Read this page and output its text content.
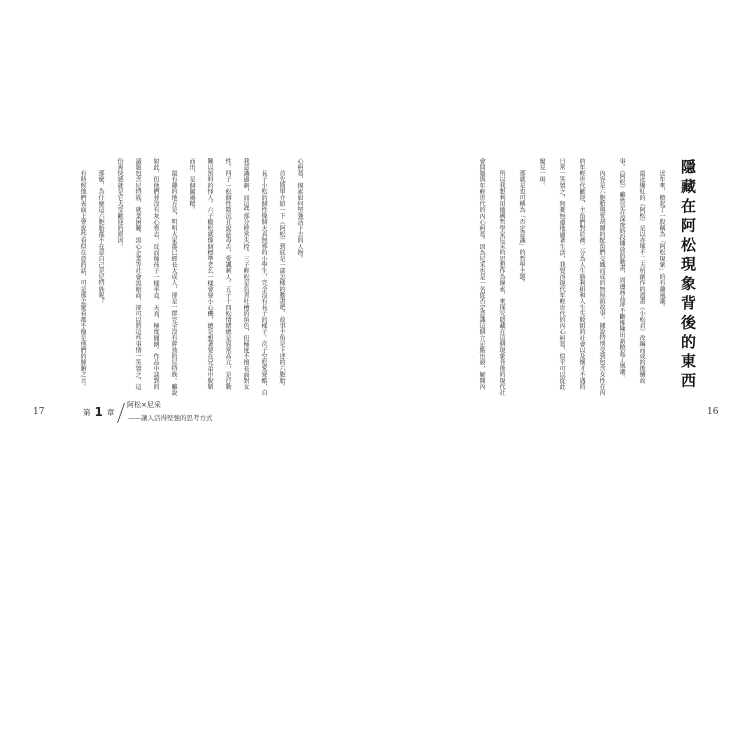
心糾葛，摸索如何堅強活下去的人物。
首先簡單介紹一下《阿松》到底是一部怎樣的動畫吧。故事主角是下述的六胞胎。
長子小松的個性像個天真無邪的小學生，完全沒有長子的樣子。次子空松愛耍酷，自
我意識過剩，而這些部分經常失控。三子輕松是負責吐槽的角色，但極度不擅長面對女
性。四子一松個性陰沉且說話毒舌，愛諷刺人。五子十四松情緒總是異常高亢，是行動
難以預料的怪人。六子椴松就像個標準老么一樣會耍小心機，總是想著要在兄弟中脫穎
而出，是個闖禍精。
最有趣的地方是，明明大家都已經長大成人，卻是一群完全沒有幹勁的尼特族。雖說
如此，但他們並沒有灰心喪志，反而像孩子一樣率直、天真、極度開朗。作品中談到的
議題包含尼特族、就業困難、黑心企業等社會黑暗面，卻可以將這些事情一笑置之，這
份爽快感就是它大受歡迎的原因。
那麼，為什麼這六胞胎都不在意自己是尼特族呢？
有時候他們表面上會說些看似在意的話，可是那怎麼看都不像是他們的肺腑之言。
17	第 1 章
阿松×尼采
——讓人活得堅強的思考方式
隱藏在阿松現象背後的東西
近年來，掀起了一股稱為「阿松現象」的有趣風潮。
最近爆紅的《阿松》是以赤塚不二夫所創作的漫畫《小松君》改編而成的後續故
事。《阿松》雖然是在深夜時段播放的動畫，周邊商品卻不斷推陳出新掀起了風潮。
內容是六胞胎與愛胡鬧的配角們交織而成的無厘頭故事。據說特別受到包含女性在內
的年輕世代歡迎，主角們對於被二分為人生勝利組和人生失敗組的社會以及懷才不遇的
日常一笑置之，無憂無慮地過著生活，我覺得現代年輕世代的內心糾葛，似乎可以從此
窺見一斑。
那就是也可稱為「否定意識」的哲學主題。
所以我想利用德國哲學家尼采的思想作為線索，來探究隱藏在這個現象背後的現代社
會問題與年輕世代的內心糾葛。因為尼采也是一名從否定意識這個立足點出發，解開內
16
